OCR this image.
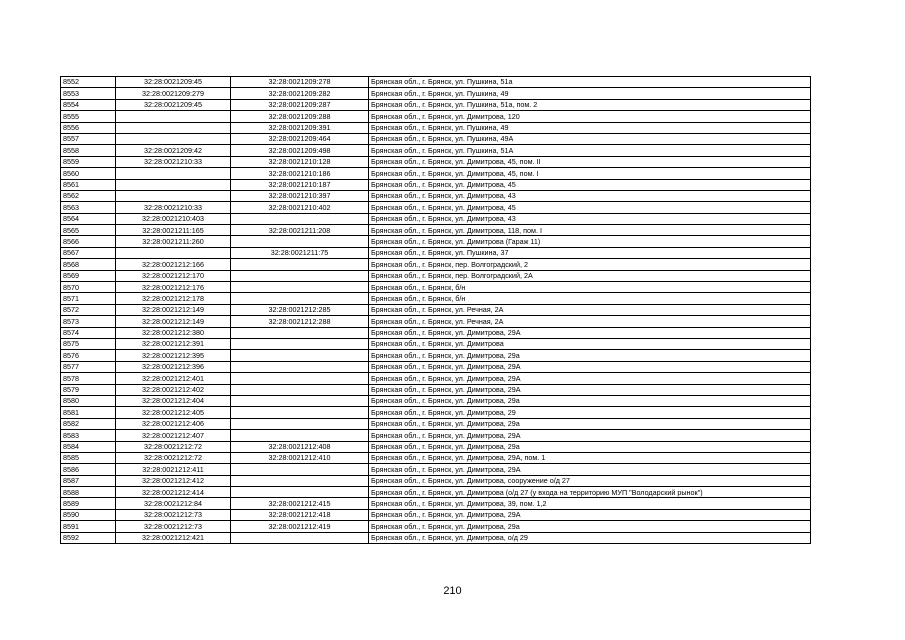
8552	32:28:0021209:45	32:28:0021209:278	Брянская обл., г. Брянск, ул. Пушкина, 51а
8553	32:28:0021209:279	32:28:0021209:282	Брянская обл., г. Брянск, ул. Пушкина, 49
8554	32:28:0021209:45	32:28:0021209:287	Брянская обл., г. Брянск, ул. Пушкина, 51а, пом. 2
8555		32:28:0021209:288	Брянская обл., г. Брянск, ул. Димитрова, 120
8556		32:28:0021209:391	Брянская обл., г. Брянск, ул. Пушкина, 49
8557		32:28:0021209:464	Брянская обл., г. Брянск, ул. Пушкина, 49А
8558	32:28:0021209:42	32:28:0021209:498	Брянская обл., г. Брянск, ул. Пушкина, 51А
8559	32:28:0021210:33	32:28:0021210:128	Брянская обл., г. Брянск, ул. Димитрова, 45, пом. II
8560		32:28:0021210:186	Брянская обл., г. Брянск, ул. Димитрова, 45, пом. I
8561		32:28:0021210:187	Брянская обл., г. Брянск, ул. Димитрова, 45
8562		32:28:0021210:397	Брянская обл., г. Брянск, ул. Димитрова, 43
8563	32:28:0021210:33	32:28:0021210:402	Брянская обл., г. Брянск, ул. Димитрова, 45
8564	32:28:0021210:403		Брянская обл., г. Брянск, ул. Димитрова, 43
8565	32:28:0021211:165	32:28:0021211:208	Брянская обл., г. Брянск, ул. Димитрова, 118, пом. I
8566	32:28:0021211:260		Брянская обл., г. Брянск, ул. Димитрова (Гараж 11)
8567		32:28:0021211:75	Брянская обл., г. Брянск, ул. Пушкина, 37
8568	32:28:0021212:166		Брянская обл., г. Брянск, пер. Волгоградский, 2
8569	32:28:0021212:170		Брянская обл., г. Брянск, пер. Волгоградский, 2А
8570	32:28:0021212:176		Брянская обл., г. Брянск, б/н
8571	32:28:0021212:178		Брянская обл., г. Брянск, б/н
8572	32:28:0021212:149	32:28:0021212:285	Брянская обл., г. Брянск, ул. Речная, 2А
8573	32:28:0021212:149	32:28:0021212:288	Брянская обл., г. Брянск, ул. Речная, 2А
8574	32:28:0021212:380		Брянская обл., г. Брянск, ул. Димитрова, 29А
8575	32:28:0021212:391		Брянская обл., г. Брянск, ул. Димитрова
8576	32:28:0021212:395		Брянская обл., г. Брянск, ул. Димитрова, 29а
8577	32:28:0021212:396		Брянская обл., г. Брянск, ул. Димитрова, 29А
8578	32:28:0021212:401		Брянская обл., г. Брянск, ул. Димитрова, 29А
8579	32:28:0021212:402		Брянская обл., г. Брянск, ул. Димитрова, 29А
8580	32:28:0021212:404		Брянская обл., г. Брянск, ул. Димитрова, 29а
8581	32:28:0021212:405		Брянская обл., г. Брянск, ул. Димитрова, 29
8582	32:28:0021212:406		Брянская обл., г. Брянск, ул. Димитрова, 29а
8583	32:28:0021212:407		Брянская обл., г. Брянск, ул. Димитрова, 29А
8584	32:28:0021212:72	32:28:0021212:408	Брянская обл., г. Брянск, ул. Димитрова, 29а
8585	32:28:0021212:72	32:28:0021212:410	Брянская обл., г. Брянск, ул. Димитрова, 29А, пом. 1
8586	32:28:0021212:411		Брянская обл., г. Брянск, ул. Димитрова, 29А
8587	32:28:0021212:412		Брянская обл., г. Брянск, ул. Димитрова, сооружение о/д 27
8588	32:28:0021212:414		Брянская обл., г. Брянск, ул. Димитрова (о/д 27 (у входа на территорию МУП "Володарский рынок")
8589	32:28:0021212:84	32:28:0021212:415	Брянская обл., г. Брянск, ул. Димитрова, 39, пом. 1,2
8590	32:28:0021212:73	32:28:0021212:418	Брянская обл., г. Брянск, ул. Димитрова, 29А
8591	32:28:0021212:73	32:28:0021212:419	Брянская обл., г. Брянск, ул. Димитрова, 29а
8592	32:28:0021212:421		Брянская обл., г. Брянск, ул. Димитрова, о/д 29
210
